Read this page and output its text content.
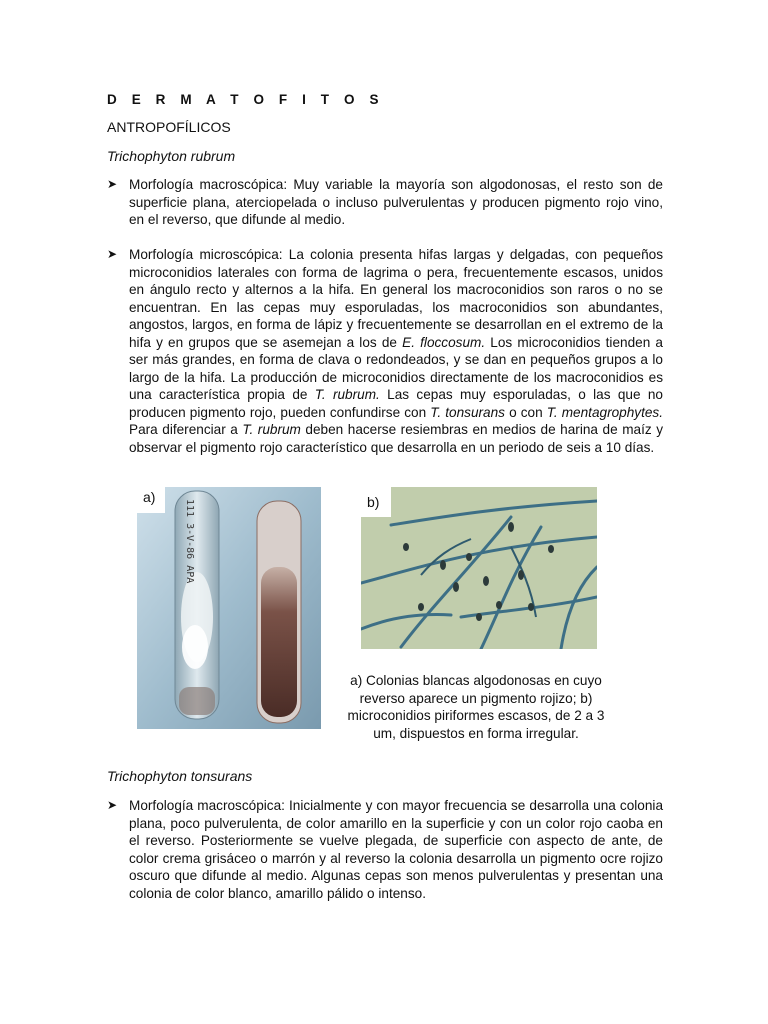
D E R M A T O F I T O S
ANTROPOFÍLICOS
Trichophyton rubrum
➤ Morfología macroscópica: Muy variable la mayoría son algodonosas, el resto son de superficie plana, aterciopelada o incluso pulverulentas y producen pigmento rojo vino, en el reverso, que difunde al medio.
➤ Morfología microscópica: La colonia presenta hifas largas y delgadas, con pequeños microconidios laterales con forma de lagrima o pera, frecuentemente escasos, unidos en ángulo recto y alternos a la hifa. En general los macroconidios son raros o no se encuentran. En las cepas muy esporuladas, los macroconidios son abundantes, angostos, largos, en forma de lápiz y frecuentemente se desarrollan en el extremo de la hifa y en grupos que se asemejan a los de E. floccosum. Los microconidios tienden a ser más grandes, en forma de clava o redondeados, y se dan en pequeños grupos a lo largo de la hifa. La producción de microconidios directamente de los macroconidios es una característica propia de T. rubrum. Las cepas muy esporuladas, o las que no producen pigmento rojo, pueden confundirse con T. tonsurans o con T. mentagrophytes. Para diferenciar a T. rubrum deben hacerse resiembras en medios de harina de maíz y observar el pigmento rojo característico que desarrolla en un periodo de seis a 10 días.
111 3-V-86 APA
a)	b)
a) Colonias blancas algodonosas en cuyo reverso aparece un pigmento rojizo; b) microconidios piriformes escasos, de 2 a 3 um, dispuestos en forma irregular.
Trichophyton tonsurans
➤ Morfología macroscópica: Inicialmente y con mayor frecuencia se desarrolla una colonia plana, poco pulverulenta, de color amarillo en la superficie y con un color rojo caoba en el reverso. Posteriormente se vuelve plegada, de superficie con aspecto de ante, de color crema grisáceo o marrón y al reverso la colonia desarrolla un pigmento ocre rojizo oscuro que difunde al medio. Algunas cepas son menos pulverulentas y presentan una colonia de color blanco, amarillo pálido o intenso.
